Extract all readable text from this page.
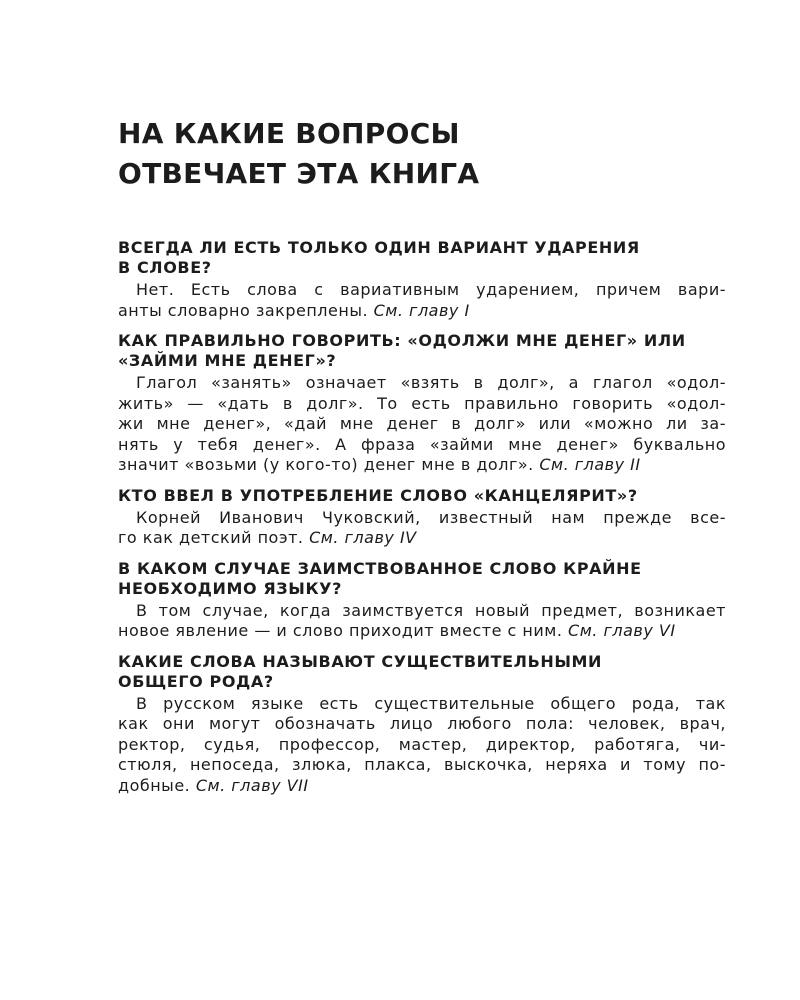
НА КАКИЕ ВОПРОСЫ
ОТВЕЧАЕТ ЭТА КНИГА
ВСЕГДА ЛИ ЕСТЬ ТОЛЬКО ОДИН ВАРИАНТ УДАРЕНИЯ
В СЛОВЕ?
Нет. Есть слова с вариативным ударением, причем вари-
анты словарно закреплены. См. главу I
КАК ПРАВИЛЬНО ГОВОРИТЬ: «ОДОЛЖИ МНЕ ДЕНЕГ» ИЛИ
«ЗАЙМИ МНЕ ДЕНЕГ»?
Глагол «занять» означает «взять в долг», а глагол «одол-
жить» — «дать в долг». То есть правильно говорить «одол-
жи мне денег», «дай мне денег в долг» или «можно ли за-
нять у тебя денег». А фраза «займи мне денег» буквально
значит «возьми (у кого-то) денег мне в долг». См. главу II
КТО ВВЕЛ В УПОТРЕБЛЕНИЕ СЛОВО «КАНЦЕЛЯРИТ»?
Корней Иванович Чуковский, известный нам прежде все-
го как детский поэт. См. главу IV
В КАКОМ СЛУЧАЕ ЗАИМСТВОВАННОЕ СЛОВО КРАЙНЕ
НЕОБХОДИМО ЯЗЫКУ?
В том случае, когда заимствуется новый предмет, возникает
новое явление — и слово приходит вместе с ним. См. главу VI
КАКИЕ СЛОВА НАЗЫВАЮТ СУЩЕСТВИТЕЛЬНЫМИ
ОБЩЕГО РОДА?
В русском языке есть существительные общего рода, так
как они могут обозначать лицо любого пола: человек, врач,
ректор, судья, профессор, мастер, директор, работяга, чи-
стюля, непоседа, злюка, плакса, выскочка, неряха и тому по-
добные. См. главу VII
